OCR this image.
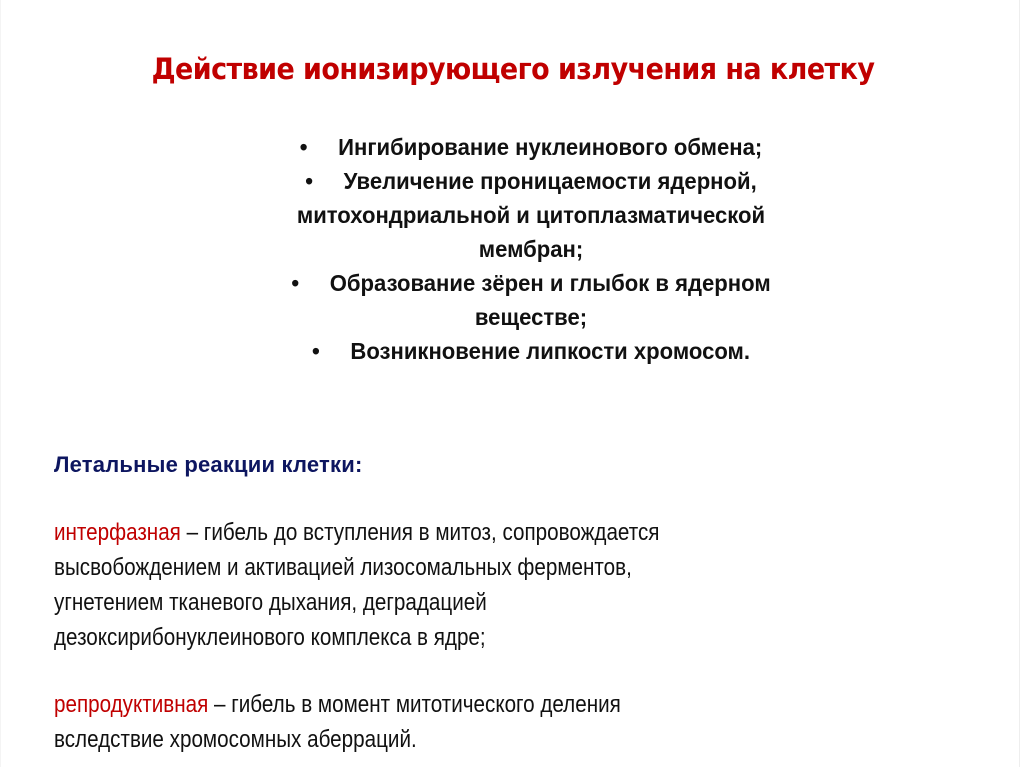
Действие ионизирующего излучения на клетку
• Ингибирование нуклеинового обмена;
• Увеличение проницаемости ядерной,
митохондриальной и цитоплазматической
мембран;
• Образование зёрен и глыбок в ядерном
веществе;
• Возникновение липкости хромосом.
Летальные реакции клетки:
интерфазная – гибель до вступления в митоз, сопровождается
высвобождением и активацией лизосомальных ферментов,
угнетением тканевого дыхания, деградацией
дезоксирибонуклеинового комплекса в ядре;
репродуктивная – гибель в момент митотического деления
вследствие хромосомных аберраций.
